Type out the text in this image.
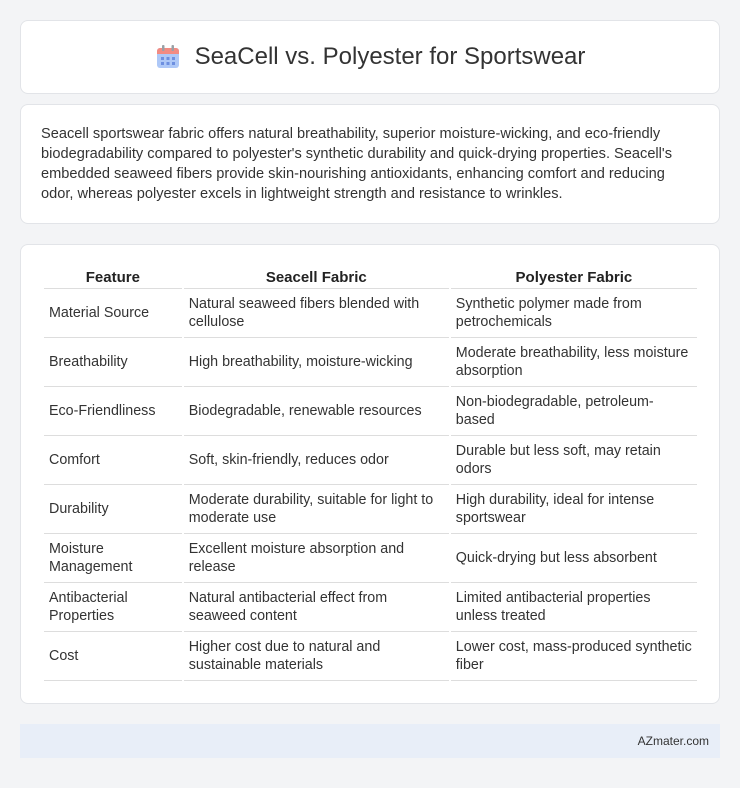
SeaCell vs. Polyester for Sportswear

Seacell sportswear fabric offers natural breathability, superior moisture-wicking, and eco-friendly biodegradability compared to polyester's synthetic durability and quick-drying properties. Seacell's embedded seaweed fibers provide skin-nourishing antioxidants, enhancing comfort and reducing odor, whereas polyester excels in lightweight strength and resistance to wrinkles.

Feature	Seacell Fabric	Polyester Fabric
Material Source	Natural seaweed fibers blended with cellulose	Synthetic polymer made from petrochemicals
Breathability	High breathability, moisture-wicking	Moderate breathability, less moisture absorption
Eco-Friendliness	Biodegradable, renewable resources	Non-biodegradable, petroleum-based
Comfort	Soft, skin-friendly, reduces odor	Durable but less soft, may retain odors
Durability	Moderate durability, suitable for light to moderate use	High durability, ideal for intense sportswear
Moisture Management	Excellent moisture absorption and release	Quick-drying but less absorbent
Antibacterial Properties	Natural antibacterial effect from seaweed content	Limited antibacterial properties unless treated
Cost	Higher cost due to natural and sustainable materials	Lower cost, mass-produced synthetic fiber
AZmater.com
